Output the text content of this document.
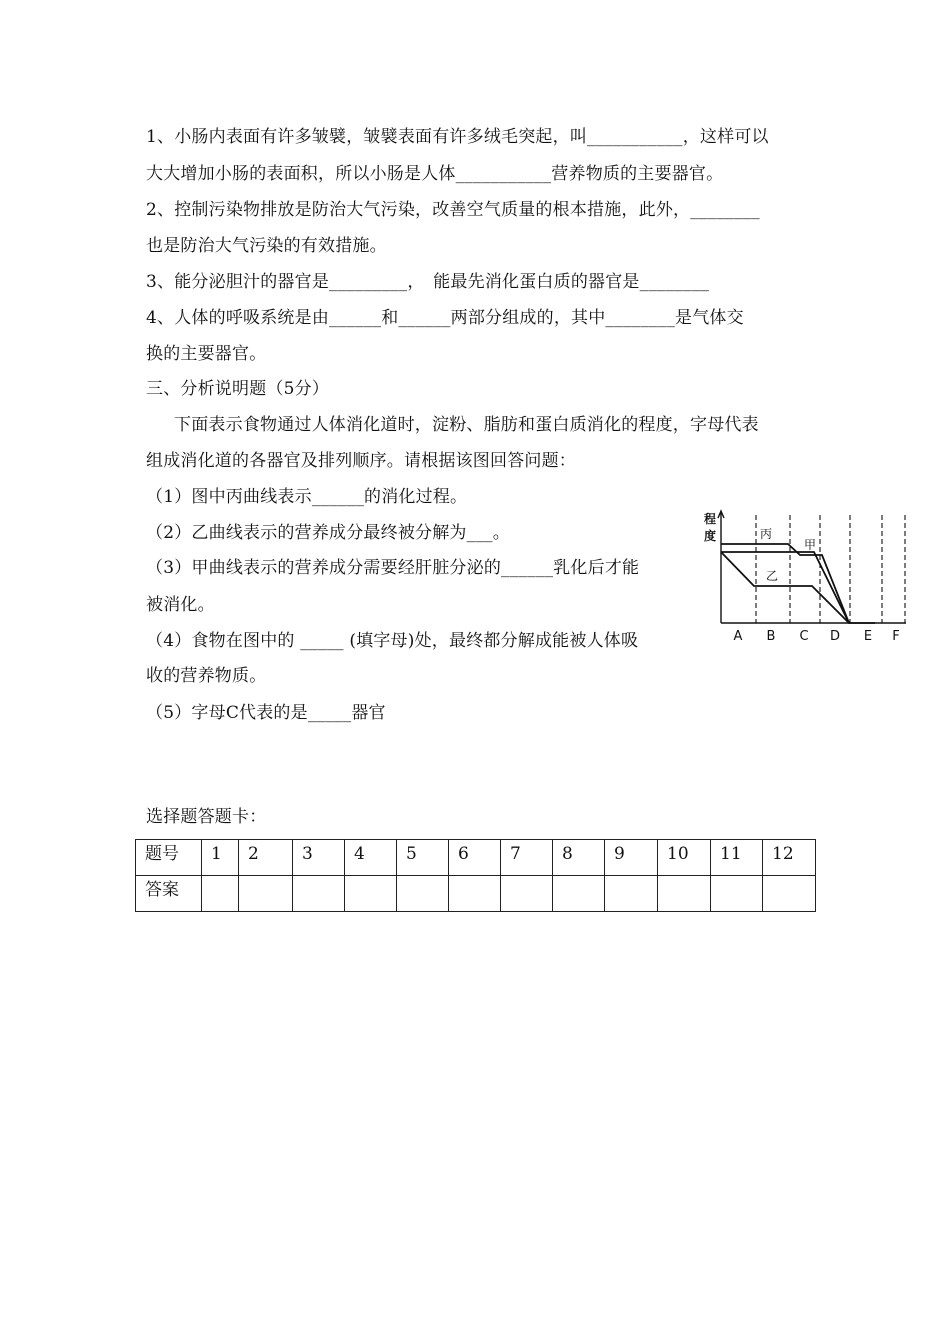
1、小肠内表面有许多皱襞，皱襞表面有许多绒毛突起，叫___________，这样可以
大大增加小肠的表面积，所以小肠是人体___________营养物质的主要器官。
2、控制污染物排放是防治大气污染，改善空气质量的根本措施，此外，________
也是防治大气污染的有效措施。
3、能分泌胆汁的器官是_________，　能最先消化蛋白质的器官是________
4、人体的呼吸系统是由______和______两部分组成的，其中________是气体交
换的主要器官。
三、分析说明题（5分）
下面表示食物通过人体消化道时，淀粉、脂肪和蛋白质消化的程度，字母代表
组成消化道的各器官及排列顺序。请根据该图回答问题：
（1）图中丙曲线表示______的消化过程。
（2）乙曲线表示的营养成分最终被分解为___。
（3）甲曲线表示的营养成分需要经肝脏分泌的______乳化后才能
被消化。
（4）食物在图中的 _____ (填字母)处，最终都分解成能被人体吸
收的营养物质。
（5）字母C代表的是_____器官
程
度	丙
甲
乙
A B C D E F
选择题答题卡：
题号	1	2	3	4	5	6	7	8	9	10	11	12
答案												
